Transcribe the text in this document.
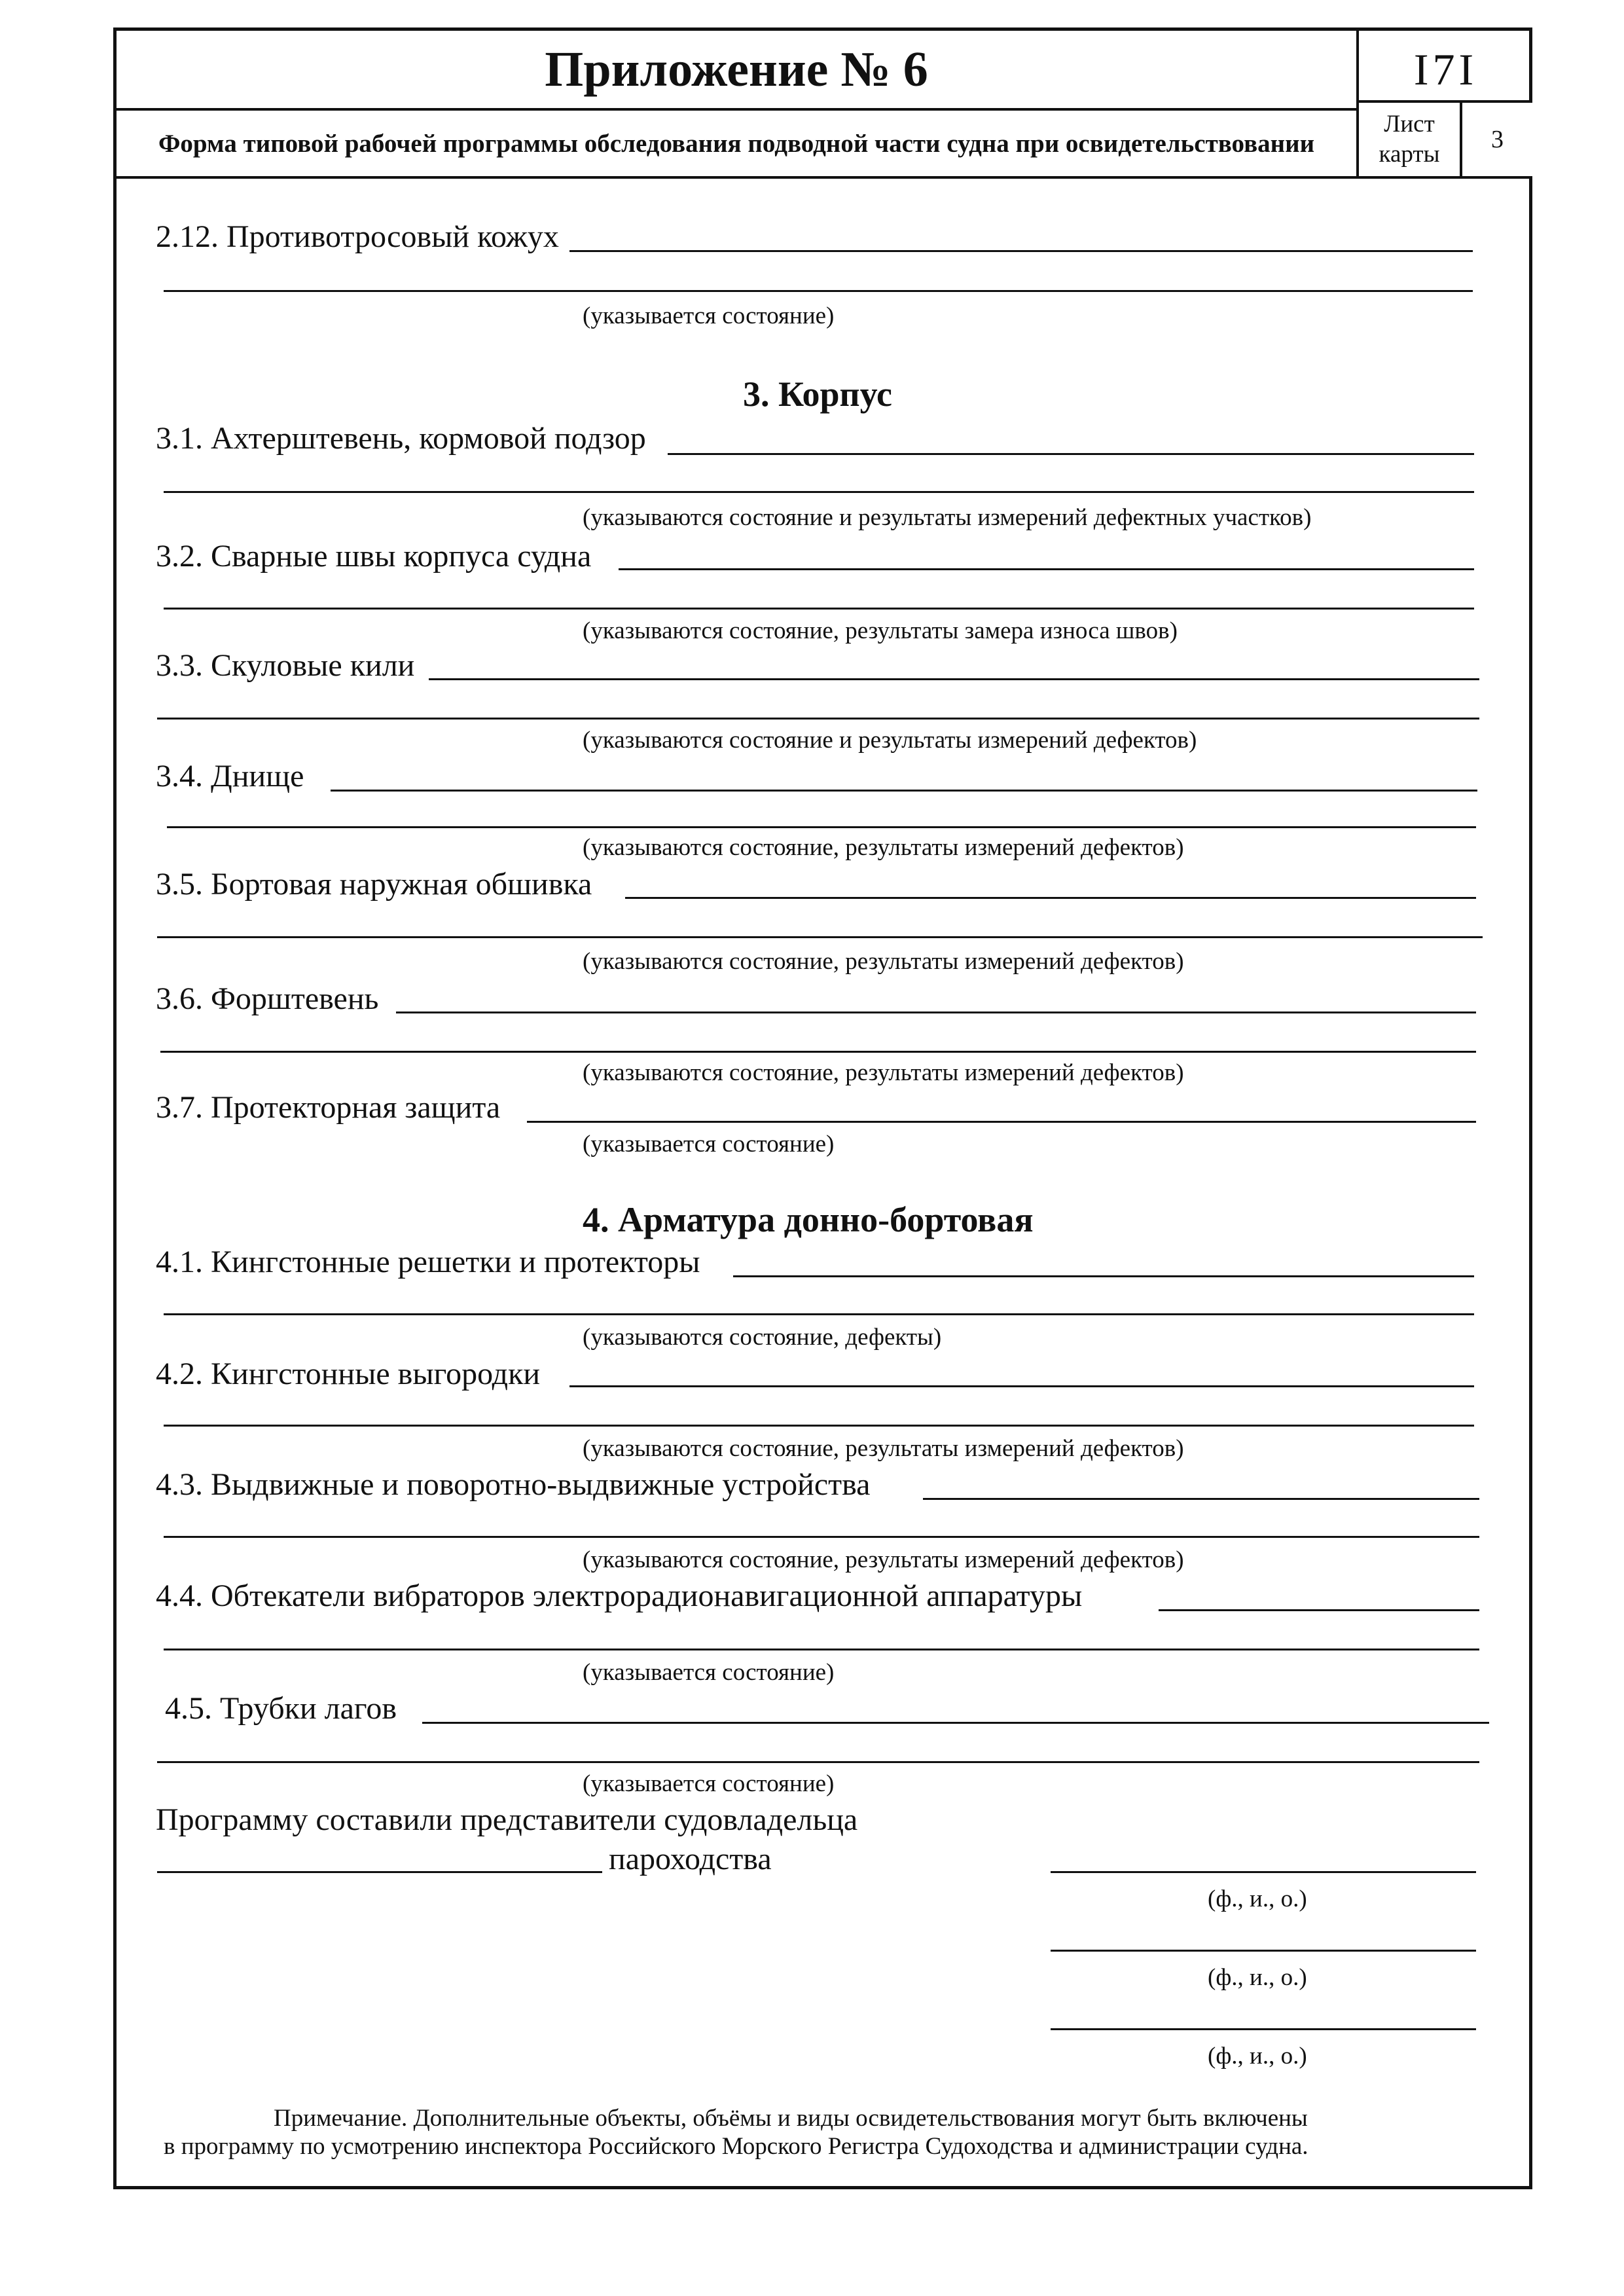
Приложение № 6	I7I
Форма типовой рабочей программы обследования подводной части судна при освидетельствовании
Лист
карты
3
2.12. Противотросовый кожух
(указывается состояние)
3. Корпус
3.1. Ахтерштевень, кормовой подзор
(указываются состояние и результаты измерений дефектных участков)
3.2. Сварные швы корпуса судна
(указываются состояние, результаты замера износа швов)
3.3. Скуловые кили
(указываются состояние и результаты измерений дефектов)
3.4. Днище
(указываются состояние, результаты измерений дефектов)
3.5. Бортовая наружная обшивка
(указываются состояние, результаты измерений дефектов)
3.6. Форштевень
(указываются состояние, результаты измерений дефектов)
3.7. Протекторная защита
(указывается состояние)
4. Арматура донно-бортовая
4.1. Кингстонные решетки и протекторы
(указываются состояние, дефекты)
4.2. Кингстонные выгородки
(указываются состояние, результаты измерений дефектов)
4.3. Выдвижные и поворотно-выдвижные устройства
(указываются состояние, результаты измерений дефектов)
4.4. Обтекатели вибраторов электрорадионавигационной аппаратуры
(указывается состояние)
4.5. Трубки лагов
(указывается состояние)
Программу составили представители судовладельца
пароходства
(ф., и., о.)
(ф., и., о.)
(ф., и., о.)
Примечание. Дополнительные объекты, объёмы и виды освидетельствования могут быть включены
в программу по усмотрению инспектора Российского Морского Регистра Судоходства и администрации судна.
